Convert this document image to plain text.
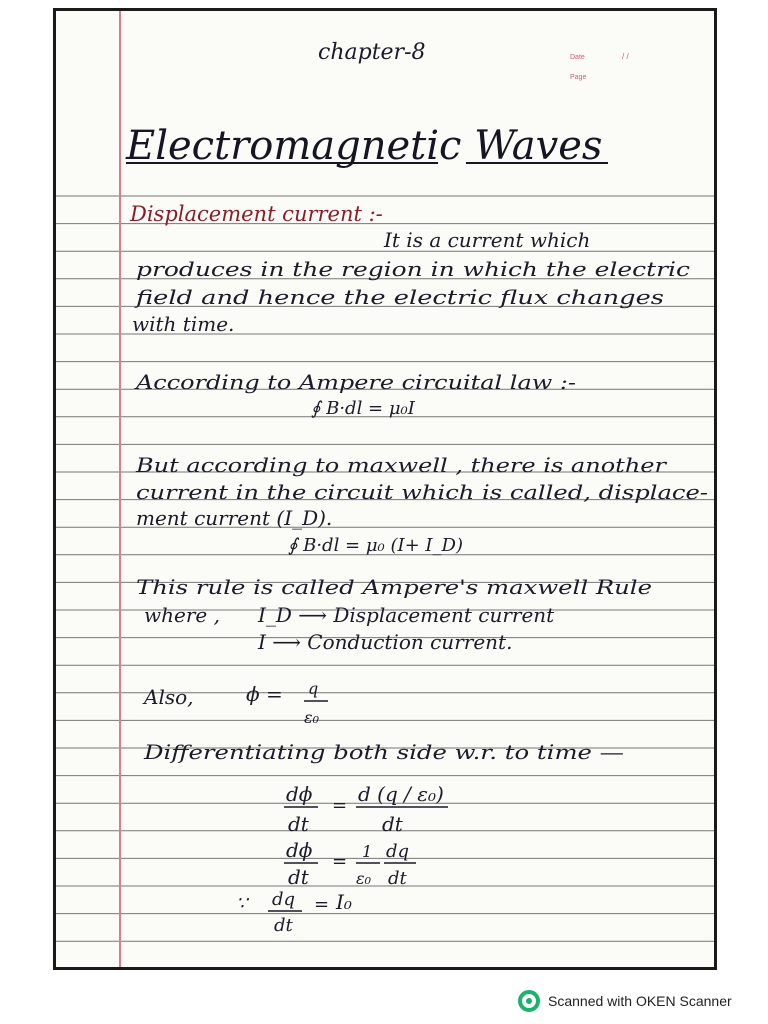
chapter-8	Date	/ /
Page
Electromagnetic Waves
Displacement current :-
It is a current which
produces in the region in which the electric
field and hence the electric flux changes
with time.
According to Ampere circuital law :-
∮ B·dl = μ₀I
But according to maxwell , there is another
current in the circuit which is called, displace-
ment current (I_D).
∮ B·dl = μ₀ (I+ I_D)
This rule is called Ampere's maxwell Rule
where , I_D ⟶ Displacement current
I ⟶ Conduction current.
Also,	ϕ = q
ε₀
Differentiating both side w.r. to time —
dϕ
dt
= d (q / ε₀)
dt
dϕ
dt
= 1
ε₀
dq
dt
∵ dq
dt
= I₀
Scanned with OKEN Scanner
